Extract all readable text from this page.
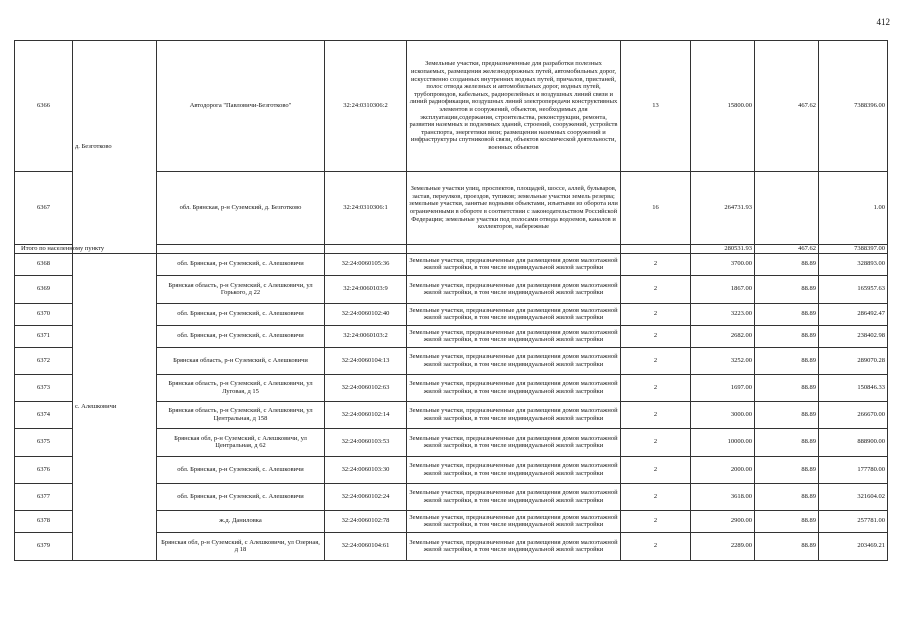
412
6366	д. Безготково	Автодорога "Павловичи-Безготково"	32:24:0310306:2	Земельные участки, предназначенные для разработки полезных ископаемых, размещения железнодорожных путей, автомобильных дорог, искусственно созданных внутренних водных путей, причалов, пристаней, полос отвода железных и автомобильных дорог, водных путей, трубопроводов, кабельных, радиорелейных и воздушных линий связи и линий радиофикации, воздушных линий электропередачи конструктивных элементов и сооружений, объектов, необходимых для эксплуатации,содержания, строительства, реконструкции, ремонта, развития наземных и подземных зданий, строений, сооружений, устройств транспорта, энергетики вязи; размещения наземных сооружений и инфраструктуры спутниковой связи, объектов космической деятельности, военных объектов	13	15800.00	467.62	7388396.00
6367		обл. Брянская, р-н Суземский, д. Безготково	32:24:0310306:1	Земельные участки улиц, проспектов, площадей, шоссе, аллей, бульваров, застав, переулков, проездов, тупиков; земельные участки земель резерва; земельные участки, занятые водными объектами, изъятыми из оборота или ограниченными в обороте в соответствии с законодательством Российской Федерации; земельные участки под полосами отвода водоемов, каналов и коллекторов, набережные	16	264731.93		1.00
Итого по населенному пункту						280531.93	467.62	7388397.00
6368	с. Алешковичи	обл. Брянская, р-н Суземский, с. Алешковичи	32:24:0060105:36	Земельные участки, предназначенные для размещения домов малоэтажной жилой застройки, в том числе индивидуальной жилой застройки	2	3700.00	88.89	328893.00
6369		Брянская область, р-н Суземский, с Алешковичи, ул Горького, д 22	32:24:0060103:9	Земельные участки, предназначенные для размещения домов малоэтажной жилой застройки, в том числе индивидуальной жилой застройки	2	1867.00	88.89	165957.63
6370		обл. Брянская, р-н Суземский, с. Алешковичи	32:24:0060102:40	Земельные участки, предназначенные для размещения домов малоэтажной жилой застройки, в том числе индивидуальной жилой застройки	2	3223.00	88.89	286492.47
6371		обл. Брянская, р-н Суземский, с. Алешковичи	32:24:0060103:2	Земельные участки, предназначенные для размещения домов малоэтажной жилой застройки, в том числе индивидуальной жилой застройки	2	2682.00	88.89	238402.98
6372		Брянская область, р-н Суземский, с Алешковичи	32:24:0060104:13	Земельные участки, предназначенные для размещения домов малоэтажной жилой застройки, в том числе индивидуальной жилой застройки	2	3252.00	88.89	289070.28
6373		Брянская область, р-н Суземский, с Алешковичи, ул Луговая, д 15	32:24:0060102:63	Земельные участки, предназначенные для размещения домов малоэтажной жилой застройки, в том числе индивидуальной жилой застройки	2	1697.00	88.89	150846.33
6374		Брянская область, р-н Суземский, с Алешковичи, ул Центральная, д 158	32:24:0060102:14	Земельные участки, предназначенные для размещения домов малоэтажной жилой застройки, в том числе индивидуальной жилой застройки	2	3000.00	88.89	266670.00
6375		Брянская обл, р-н Суземский, с Алешковичи, ул Центральная, д 62	32:24:0060103:53	Земельные участки, предназначенные для размещения домов малоэтажной жилой застройки, в том числе индивидуальной жилой застройки	2	10000.00	88.89	888900.00
6376		обл. Брянская, р-н Суземский, с. Алешковичи	32:24:0060103:30	Земельные участки, предназначенные для размещения домов малоэтажной жилой застройки, в том числе индивидуальной жилой застройки	2	2000.00	88.89	177780.00
6377		обл. Брянская, р-н Суземский, с. Алешковичи	32:24:0060102:24	Земельные участки, предназначенные для размещения домов малоэтажной жилой застройки, в том числе индивидуальной жилой застройки	2	3618.00	88.89	321604.02
6378		ж.д. Даниловка	32:24:0060102:78	Земельные участки, предназначенные для размещения домов малоэтажной жилой застройки, в том числе индивидуальной жилой застройки	2	2900.00	88.89	257781.00
6379		Брянская обл, р-н Суземский, с Алешковичи, ул Озерная, д 18	32:24:0060104:61	Земельные участки, предназначенные для размещения домов малоэтажной жилой застройки, в том числе индивидуальной жилой застройки	2	2289.00	88.89	203469.21
